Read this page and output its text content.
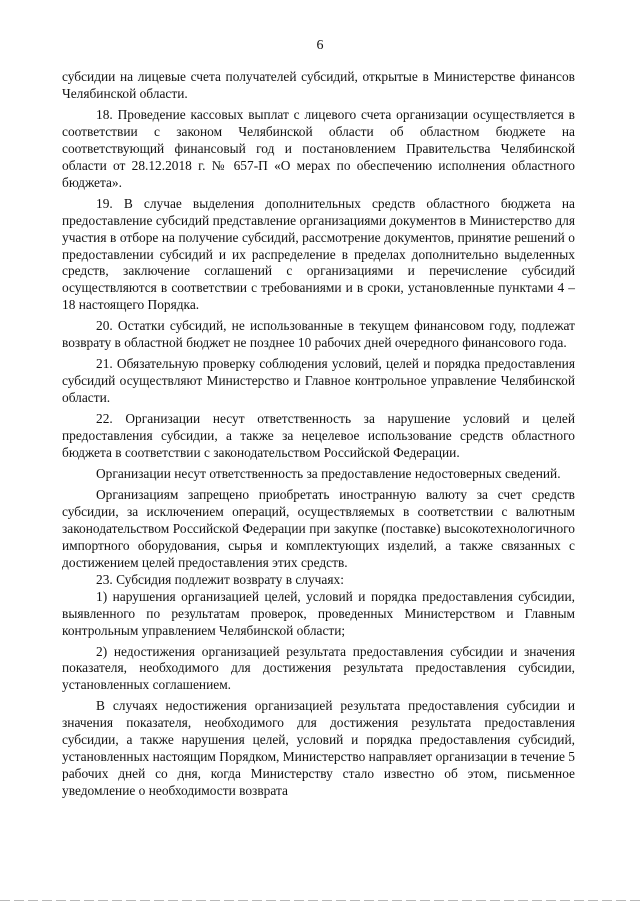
6

субсидии на лицевые счета получателей субсидий, открытые в Министерстве финансов Челябинской области.

18. Проведение кассовых выплат с лицевого счета организации осуществляется в соответствии с законом Челябинской области об областном бюджете на соответствующий финансовый год и постановлением Правительства Челябинской области от 28.12.2018 г. № 657-П «О мерах по обеспечению исполнения областного бюджета».

19. В случае выделения дополнительных средств областного бюджета на предоставление субсидий представление организациями документов в Министерство для участия в отборе на получение субсидий, рассмотрение документов, принятие решений о предоставлении субсидий и их распределение в пределах дополнительно выделенных средств, заключение соглашений с организациями и перечисление субсидий осуществляются в соответствии с требованиями и в сроки, установленные пунктами 4 – 18 настоящего Порядка.

20. Остатки субсидий, не использованные в текущем финансовом году, подлежат возврату в областной бюджет не позднее 10 рабочих дней очередного финансового года.

21. Обязательную проверку соблюдения условий, целей и порядка предоставления субсидий осуществляют Министерство и Главное контрольное управление Челябинской области.

22. Организации несут ответственность за нарушение условий и целей предоставления субсидии, а также за нецелевое использование средств областного бюджета в соответствии с законодательством Российской Федерации.

Организации несут ответственность за предоставление недостоверных сведений.

Организациям запрещено приобретать иностранную валюту за счет средств субсидии, за исключением операций, осуществляемых в соответствии с валютным законодательством Российской Федерации при закупке (поставке) высокотехнологичного импортного оборудования, сырья и комплектующих изделий, а также связанных с достижением целей предоставления этих средств.

23. Субсидия подлежит возврату в случаях:

1) нарушения организацией целей, условий и порядка предоставления субсидии, выявленного по результатам проверок, проведенных Министерством и Главным контрольным управлением Челябинской области;

2) недостижения организацией результата предоставления субсидии и значения показателя, необходимого для достижения результата предоставления субсидии, установленных соглашением.

В случаях недостижения организацией результата предоставления субсидии и значения показателя, необходимого для достижения результата предоставления субсидии, а также нарушения целей, условий и порядка предоставления субсидий, установленных настоящим Порядком, Министерство направляет организации в течение 5 рабочих дней со дня, когда Министерству стало известно об этом, письменное уведомление о необходимости возврата
